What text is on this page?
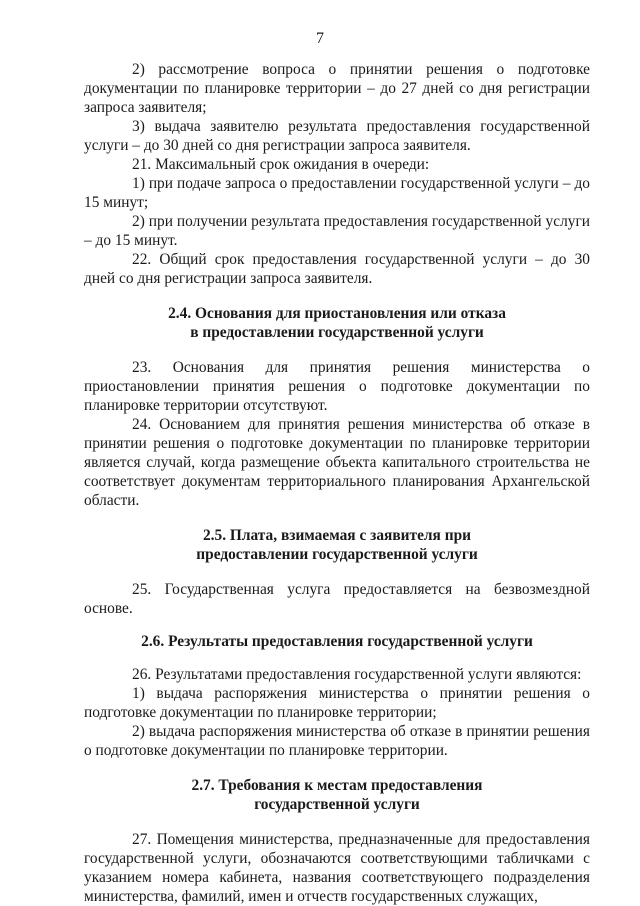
7

2) рассмотрение вопроса о принятии решения о подготовке документации по планировке территории – до 27 дней со дня регистрации запроса заявителя;

3) выдача заявителю результата предоставления государственной услуги – до 30 дней со дня регистрации запроса заявителя.

21. Максимальный срок ожидания в очереди:

1) при подаче запроса о предоставлении государственной услуги – до 15 минут;

2) при получении результата предоставления государственной услуги – до 15 минут.

22. Общий срок предоставления государственной услуги – до 30 дней со дня регистрации запроса заявителя.

2.4. Основания для приостановления или отказа
в предоставлении государственной услуги

23. Основания для принятия решения министерства о приостановлении принятия решения о подготовке документации по планировке территории отсутствуют.

24. Основанием для принятия решения министерства об отказе в принятии решения о подготовке документации по планировке территории является случай, когда размещение объекта капитального строительства не соответствует документам территориального планирования Архангельской области.

2.5. Плата, взимаемая с заявителя при
предоставлении государственной услуги

25. Государственная услуга предоставляется на безвозмездной основе.

2.6. Результаты предоставления государственной услуги

26. Результатами предоставления государственной услуги являются:

1) выдача распоряжения министерства о принятии решения о подготовке документации по планировке территории;

2) выдача распоряжения министерства об отказе в принятии решения о подготовке документации по планировке территории.

2.7. Требования к местам предоставления
государственной услуги

27. Помещения министерства, предназначенные для предоставления государственной услуги, обозначаются соответствующими табличками с указанием номера кабинета, названия соответствующего подразделения министерства, фамилий, имен и отчеств государственных служащих,
